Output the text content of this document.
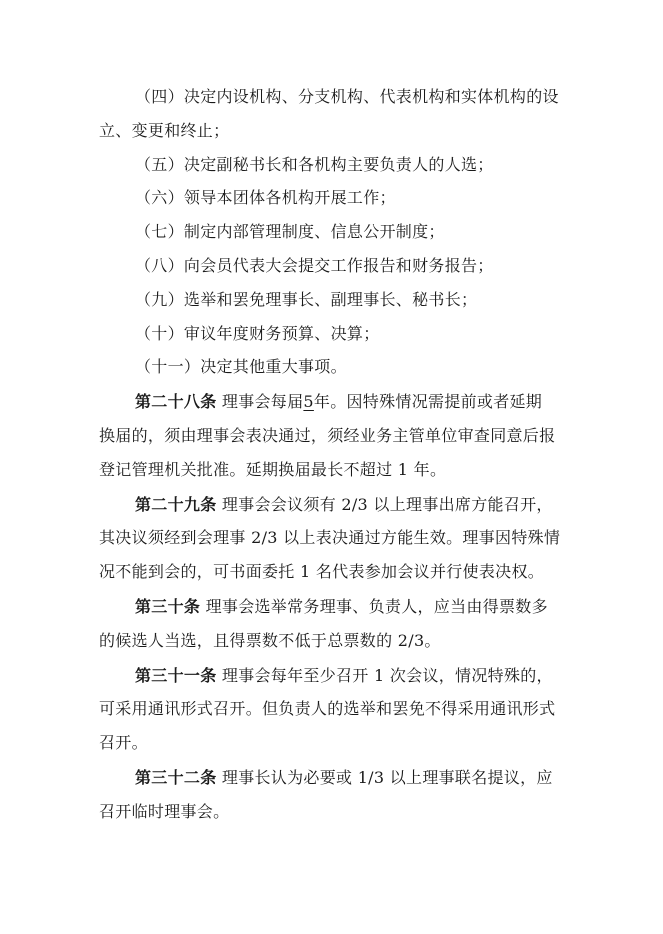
（四）决定内设机构、分支机构、代表机构和实体机构的设

立、变更和终止；

（五）决定副秘书长和各机构主要负责人的人选；

（六）领导本团体各机构开展工作；

（七）制定内部管理制度、信息公开制度；

（八）向会员代表大会提交工作报告和财务报告；

（九）选举和罢免理事长、副理事长、秘书长；

（十）审议年度财务预算、决算；

（十一）决定其他重大事项。

第二十八条 理事会每届5年。因特殊情况需提前或者延期

换届的，须由理事会表决通过，须经业务主管单位审查同意后报

登记管理机关批准。延期换届最长不超过 1 年。

第二十九条 理事会会议须有 2/3 以上理事出席方能召开，

其决议须经到会理事 2/3 以上表决通过方能生效。理事因特殊情

况不能到会的，可书面委托 1 名代表参加会议并行使表决权。

第三十条 理事会选举常务理事、负责人，应当由得票数多

的候选人当选，且得票数不低于总票数的 2/3。

第三十一条 理事会每年至少召开 1 次会议，情况特殊的，

可采用通讯形式召开。但负责人的选举和罢免不得采用通讯形式

召开。

第三十二条 理事长认为必要或 1/3 以上理事联名提议，应

召开临时理事会。
